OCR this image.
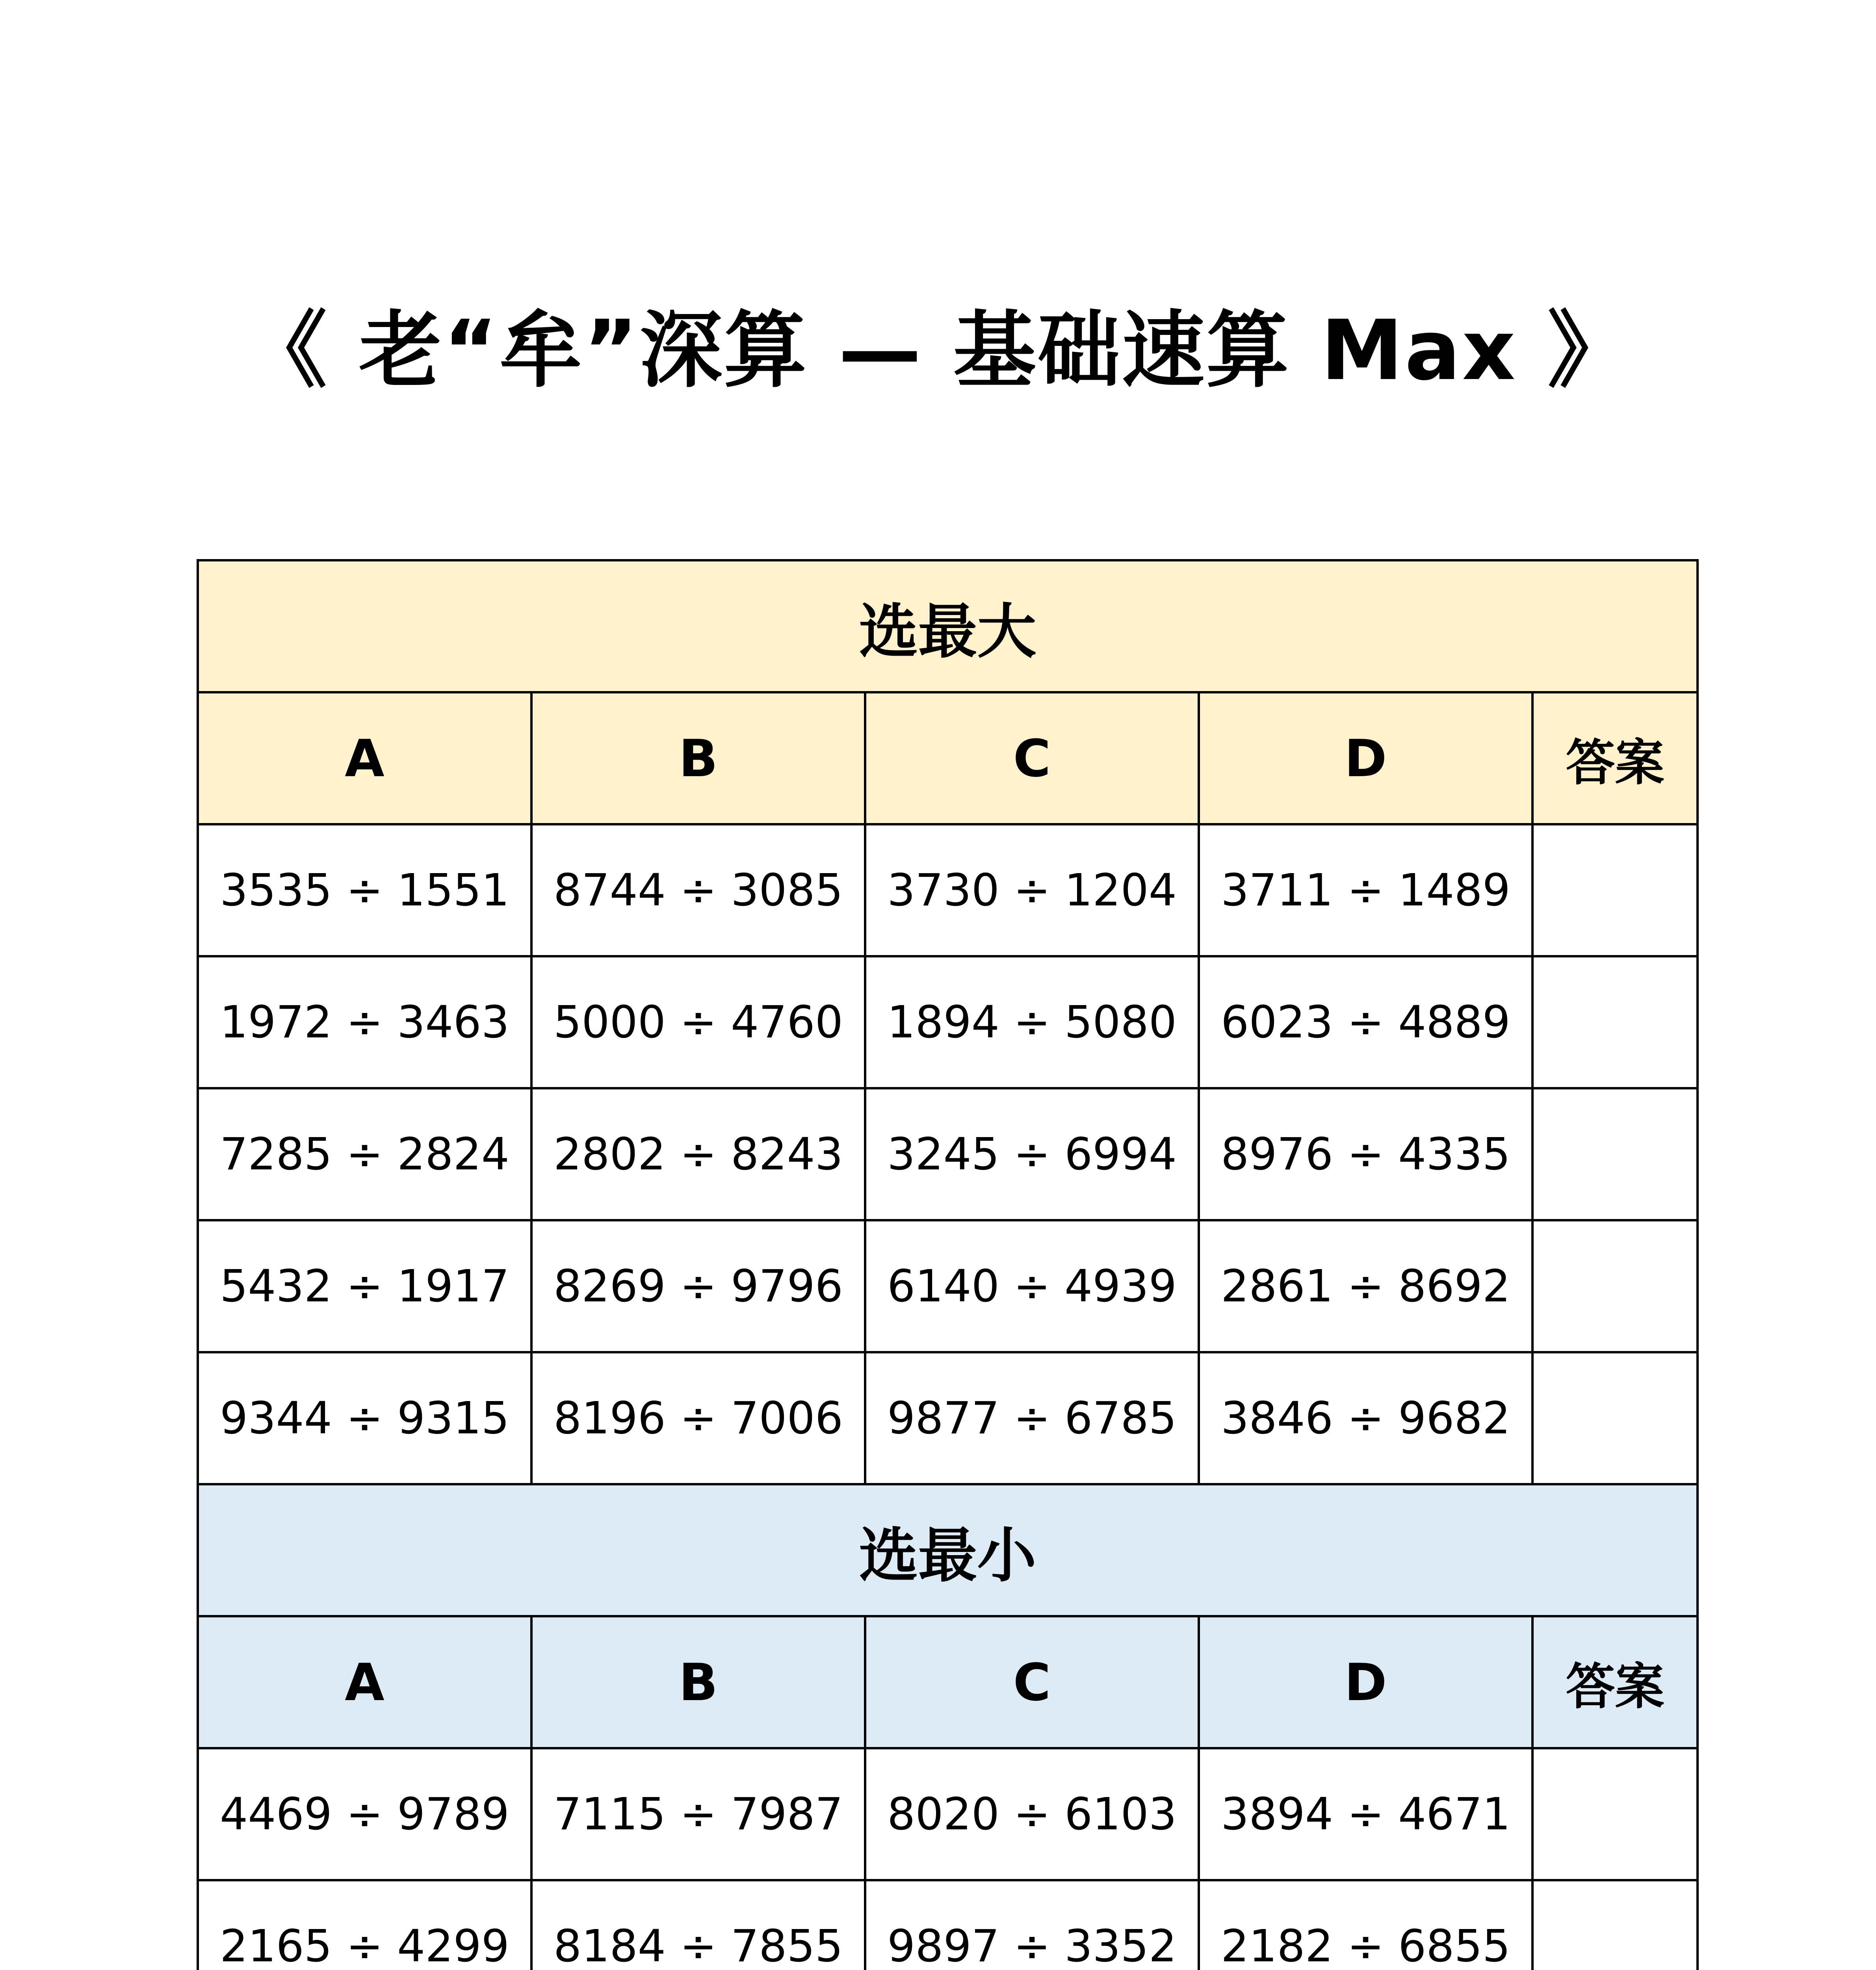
《 老“牟”深算 — 基础速算 Max 》
选最大				
A	B	C	D	答案
3535 ÷ 1551	8744 ÷ 3085	3730 ÷ 1204	3711 ÷ 1489	
1972 ÷ 3463	5000 ÷ 4760	1894 ÷ 5080	6023 ÷ 4889	
7285 ÷ 2824	2802 ÷ 8243	3245 ÷ 6994	8976 ÷ 4335	
5432 ÷ 1917	8269 ÷ 9796	6140 ÷ 4939	2861 ÷ 8692	
9344 ÷ 9315	8196 ÷ 7006	9877 ÷ 6785	3846 ÷ 9682	
选最小				
A	B	C	D	答案
4469 ÷ 9789	7115 ÷ 7987	8020 ÷ 6103	3894 ÷ 4671	
2165 ÷ 4299	8184 ÷ 7855	9897 ÷ 3352	2182 ÷ 6855	
